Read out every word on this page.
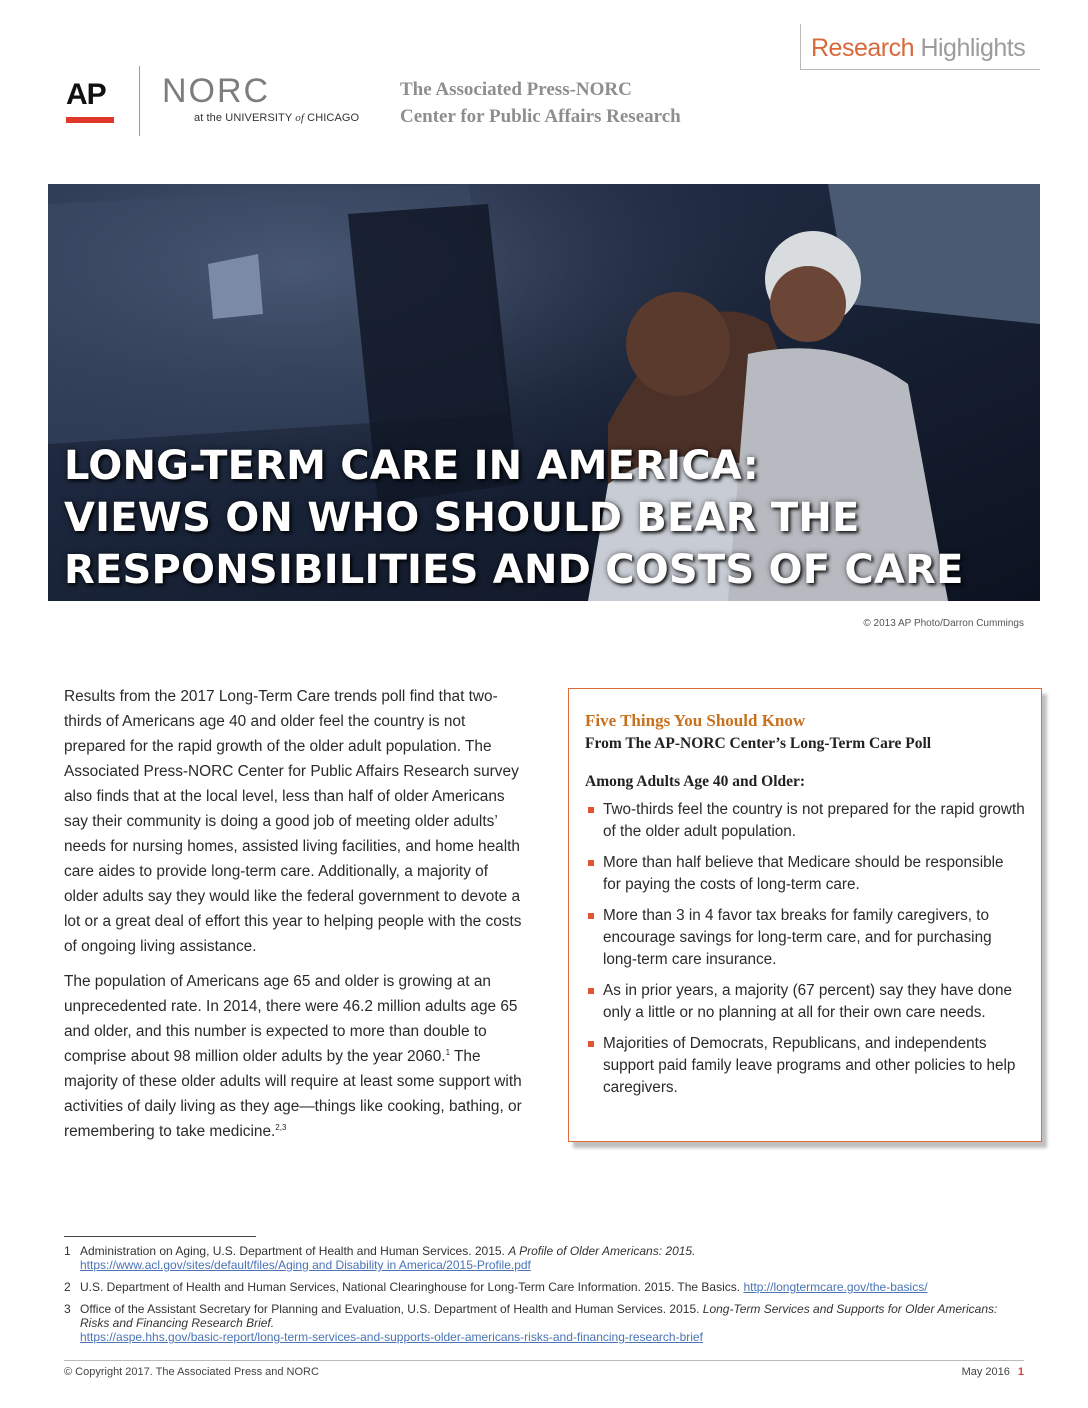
Research Highlights
AP NORC
at the UNIVERSITY of CHICAGO
The Associated Press-NORC
Center for Public Affairs Research
LONG-TERM CARE IN AMERICA:
VIEWS ON WHO SHOULD BEAR THE
RESPONSIBILITIES AND COSTS OF CARE
© 2013 AP Photo/Darron Cummings

Results from the 2017 Long-Term Care trends poll find that two-thirds of Americans age 40 and older feel the country is not prepared for the rapid growth of the older adult population. The Associated Press-NORC Center for Public Affairs Research survey also finds that at the local level, less than half of older Americans say their community is doing a good job of meeting older adults’ needs for nursing homes, assisted living facilities, and home health care aides to provide long-term care. Additionally, a majority of older adults say they would like the federal government to devote a lot or a great deal of effort this year to helping people with the costs of ongoing living assistance.

The population of Americans age 65 and older is growing at an unprecedented rate. In 2014, there were 46.2 million adults age 65 and older, and this number is expected to more than double to comprise about 98 million older adults by the year 2060.$^1$ The majority of these older adults will require at least some support with activities of daily living as they age—things like cooking, bathing, or remembering to take medicine.$^{2,3}$

Five Things You Should Know
From The AP-NORC Center’s Long-Term Care Poll
Among Adults Age 40 and Older:
Two-thirds feel the country is not prepared for the rapid growth of the older adult population.
More than half believe that Medicare should be responsible for paying the costs of long-term care.
More than 3 in 4 favor tax breaks for family caregivers, to encourage savings for long-term care, and for purchasing long-term care insurance.
As in prior years, a majority (67 percent) say they have done only a little or no planning at all for their own care needs.
Majorities of Democrats, Republicans, and independents support paid family leave programs and other policies to help caregivers.
1 Administration on Aging, U.S. Department of Health and Human Services. 2015. A Profile of Older Americans: 2015.
https://www.acl.gov/sites/default/files/Aging and Disability in America/2015-Profile.pdf
2 U.S. Department of Health and Human Services, National Clearinghouse for Long-Term Care Information. 2015. The Basics. http://longtermcare.gov/the-basics/
3 Office of the Assistant Secretary for Planning and Evaluation, U.S. Department of Health and Human Services. 2015. Long-Term Services and Supports for Older Americans: Risks and Financing Research Brief.
https://aspe.hhs.gov/basic-report/long-term-services-and-supports-older-americans-risks-and-financing-research-brief
© Copyright 2017. The Associated Press and NORC	May 2016 1
